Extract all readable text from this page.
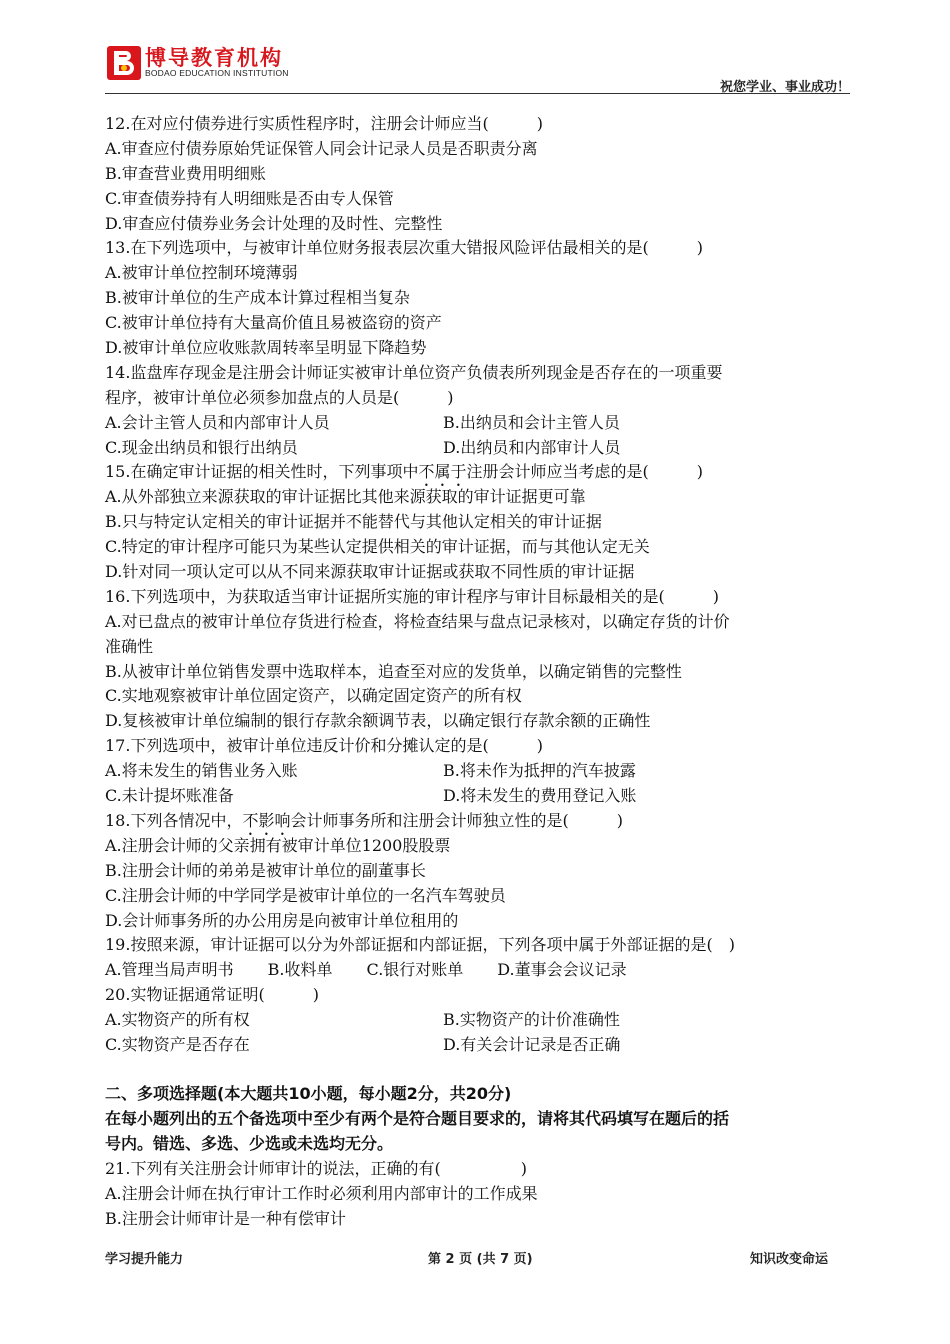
博导教育机构
BODAO EDUCATION INSTITUTION
祝您学业、事业成功！
12.在对应付债券进行实质性程序时，注册会计师应当(　　　)
A.审查应付债券原始凭证保管人同会计记录人员是否职责分离
B.审查营业费用明细账
C.审查债券持有人明细账是否由专人保管
D.审查应付债券业务会计处理的及时性、完整性
13.在下列选项中，与被审计单位财务报表层次重大错报风险评估最相关的是(　　　)
A.被审计单位控制环境薄弱
B.被审计单位的生产成本计算过程相当复杂
C.被审计单位持有大量高价值且易被盗窃的资产
D.被审计单位应收账款周转率呈明显下降趋势
14.监盘库存现金是注册会计师证实被审计单位资产负债表所列现金是否存在的一项重要
程序，被审计单位必须参加盘点的人员是(　　　)
A.会计主管人员和内部审计人员	B.出纳员和会计主管人员
C.现金出纳员和银行出纳员	D.出纳员和内部审计人员
15.在确定审计证据的相关性时，下列事项中不属于注册会计师应当考虑的是(　　　)
A.从外部独立来源获取的审计证据比其他来源获取的审计证据更可靠
B.只与特定认定相关的审计证据并不能替代与其他认定相关的审计证据
C.特定的审计程序可能只为某些认定提供相关的审计证据，而与其他认定无关
D.针对同一项认定可以从不同来源获取审计证据或获取不同性质的审计证据
16.下列选项中，为获取适当审计证据所实施的审计程序与审计目标最相关的是(　　　)
A.对已盘点的被审计单位存货进行检查，将检查结果与盘点记录核对，以确定存货的计价
准确性
B.从被审计单位销售发票中选取样本，追查至对应的发货单，以确定销售的完整性
C.实地观察被审计单位固定资产，以确定固定资产的所有权
D.复核被审计单位编制的银行存款余额调节表，以确定银行存款余额的正确性
17.下列选项中，被审计单位违反计价和分摊认定的是(　　　)
A.将未发生的销售业务入账	B.将未作为抵押的汽车披露
C.未计提坏账准备	D.将未发生的费用登记入账
18.下列各情况中，不影响会计师事务所和注册会计师独立性的是(　　　)
A.注册会计师的父亲拥有被审计单位1200股股票
B.注册会计师的弟弟是被审计单位的副董事长
C.注册会计师的中学同学是被审计单位的一名汽车驾驶员
D.会计师事务所的办公用房是向被审计单位租用的
19.按照来源，审计证据可以分为外部证据和内部证据，下列各项中属于外部证据的是(　)
A.管理当局声明书 B.收料单 C.银行对账单 D.董事会会议记录
20.实物证据通常证明(　　　)
A.实物资产的所有权	B.实物资产的计价准确性
C.实物资产是否存在	D.有关会计记录是否正确
二、多项选择题(本大题共10小题，每小题2分，共20分)
在每小题列出的五个备选项中至少有两个是符合题目要求的，请将其代码填写在题后的括
号内。错选、多选、少选或未选均无分。
21.下列有关注册会计师审计的说法，正确的有(　　　　　)
A.注册会计师在执行审计工作时必须利用内部审计的工作成果
B.注册会计师审计是一种有偿审计
学习提升能力	第 2 页 (共 7 页)	知识改变命运
